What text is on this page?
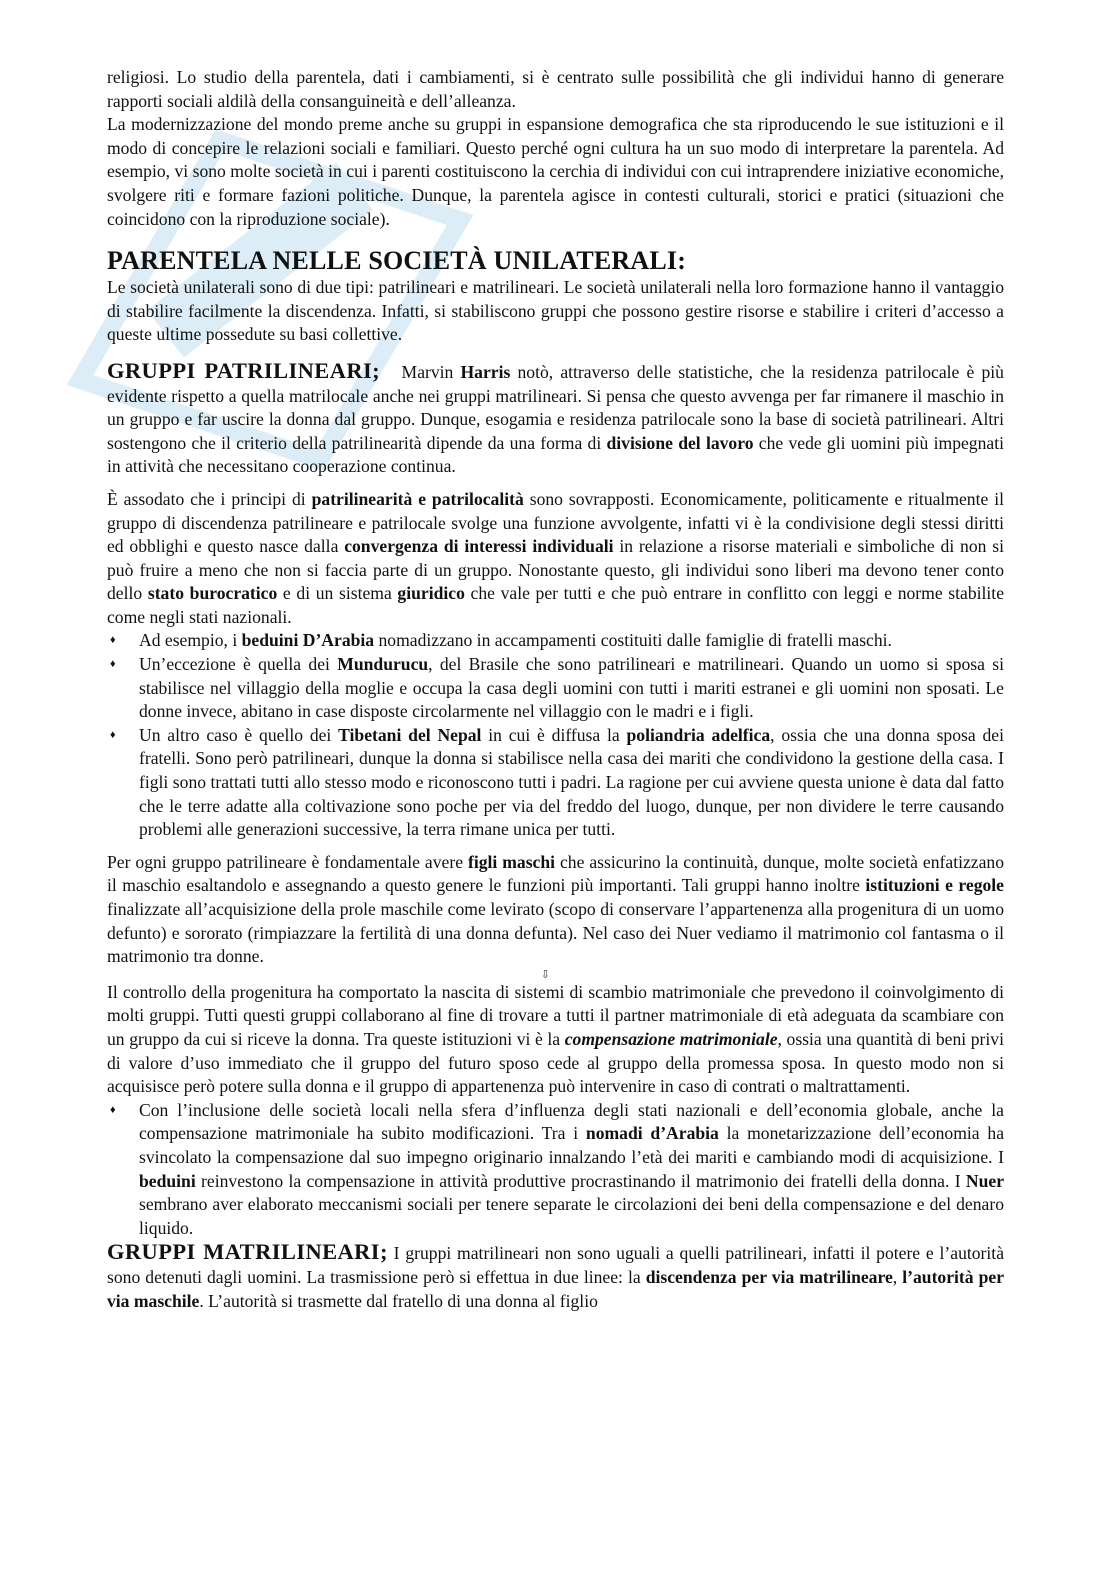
religiosi. Lo studio della parentela, dati i cambiamenti, si è centrato sulle possibilità che gli individui hanno di generare rapporti sociali aldilà della consanguineità e dell’alleanza.

La modernizzazione del mondo preme anche su gruppi in espansione demografica che sta riproducendo le sue istituzioni e il modo di concepire le relazioni sociali e familiari. Questo perché ogni cultura ha un suo modo di interpretare la parentela. Ad esempio, vi sono molte società in cui i parenti costituiscono la cerchia di individui con cui intraprendere iniziative economiche, svolgere riti e formare fazioni politiche. Dunque, la parentela agisce in contesti culturali, storici e pratici (situazioni che coincidono con la riproduzione sociale).

PARENTELA NELLE SOCIETÀ UNILATERALI:

Le società unilaterali sono di due tipi: patrilineari e matrilineari. Le società unilaterali nella loro formazione hanno il vantaggio di stabilire facilmente la discendenza. Infatti, si stabiliscono gruppi che possono gestire risorse e stabilire i criteri d’accesso a queste ultime possedute su basi collettive.

GRUPPI PATRILINEARI; Marvin Harris notò, attraverso delle statistiche, che la residenza patrilocale è più evidente rispetto a quella matrilocale anche nei gruppi matrilineari. Si pensa che questo avvenga per far rimanere il maschio in un gruppo e far uscire la donna dal gruppo. Dunque, esogamia e residenza patrilocale sono la base di società patrilineari. Altri sostengono che il criterio della patrilinearità dipende da una forma di divisione del lavoro che vede gli uomini più impegnati in attività che necessitano cooperazione continua.

È assodato che i principi di patrilinearità e patrilocalità sono sovrapposti. Economicamente, politicamente e ritualmente il gruppo di discendenza patrilineare e patrilocale svolge una funzione avvolgente, infatti vi è la condivisione degli stessi diritti ed obblighi e questo nasce dalla convergenza di interessi individuali in relazione a risorse materiali e simboliche di non si può fruire a meno che non si faccia parte di un gruppo. Nonostante questo, gli individui sono liberi ma devono tener conto dello stato burocratico e di un sistema giuridico che vale per tutti e che può entrare in conflitto con leggi e norme stabilite come negli stati nazionali.

♦ Ad esempio, i beduini D’Arabia nomadizzano in accampamenti costituiti dalle famiglie di fratelli maschi.
♦ Un’eccezione è quella dei Mundurucu, del Brasile che sono patrilineari e matrilineari. Quando un uomo si sposa si stabilisce nel villaggio della moglie e occupa la casa degli uomini con tutti i mariti estranei e gli uomini non sposati. Le donne invece, abitano in case disposte circolarmente nel villaggio con le madri e i figli.
♦ Un altro caso è quello dei Tibetani del Nepal in cui è diffusa la poliandria adelfica, ossia che una donna sposa dei fratelli. Sono però patrilineari, dunque la donna si stabilisce nella casa dei mariti che condividono la gestione della casa. I figli sono trattati tutti allo stesso modo e riconoscono tutti i padri. La ragione per cui avviene questa unione è data dal fatto che le terre adatte alla coltivazione sono poche per via del freddo del luogo, dunque, per non dividere le terre causando problemi alle generazioni successive, la terra rimane unica per tutti.

Per ogni gruppo patrilineare è fondamentale avere figli maschi che assicurino la continuità, dunque, molte società enfatizzano il maschio esaltandolo e assegnando a questo genere le funzioni più importanti. Tali gruppi hanno inoltre istituzioni e regole finalizzate all’acquisizione della prole maschile come levirato (scopo di conservare l’appartenenza alla progenitura di un uomo defunto) e sororato (rimpiazzare la fertilità di una donna defunta). Nel caso dei Nuer vediamo il matrimonio col fantasma o il matrimonio tra donne.

⇩

Il controllo della progenitura ha comportato la nascita di sistemi di scambio matrimoniale che prevedono il coinvolgimento di molti gruppi. Tutti questi gruppi collaborano al fine di trovare a tutti il partner matrimoniale di età adeguata da scambiare con un gruppo da cui si riceve la donna. Tra queste istituzioni vi è la compensazione matrimoniale, ossia una quantità di beni privi di valore d’uso immediato che il gruppo del futuro sposo cede al gruppo della promessa sposa. In questo modo non si acquisisce però potere sulla donna e il gruppo di appartenenza può intervenire in caso di contrati o maltrattamenti.

♦ Con l’inclusione delle società locali nella sfera d’influenza degli stati nazionali e dell’economia globale, anche la compensazione matrimoniale ha subito modificazioni. Tra i nomadi d’Arabia la monetarizzazione dell’economia ha svincolato la compensazione dal suo impegno originario innalzando l’età dei mariti e cambiando modi di acquisizione. I beduini reinvestono la compensazione in attività produttive procrastinando il matrimonio dei fratelli della donna. I Nuer sembrano aver elaborato meccanismi sociali per tenere separate le circolazioni dei beni della compensazione e del denaro liquido.

GRUPPI MATRILINEARI; I gruppi matrilineari non sono uguali a quelli patrilineari, infatti il potere e l’autorità sono detenuti dagli uomini. La trasmissione però si effettua in due linee: la discendenza per via matrilineare, l’autorità per via maschile. L’autorità si trasmette dal fratello di una donna al figlio
